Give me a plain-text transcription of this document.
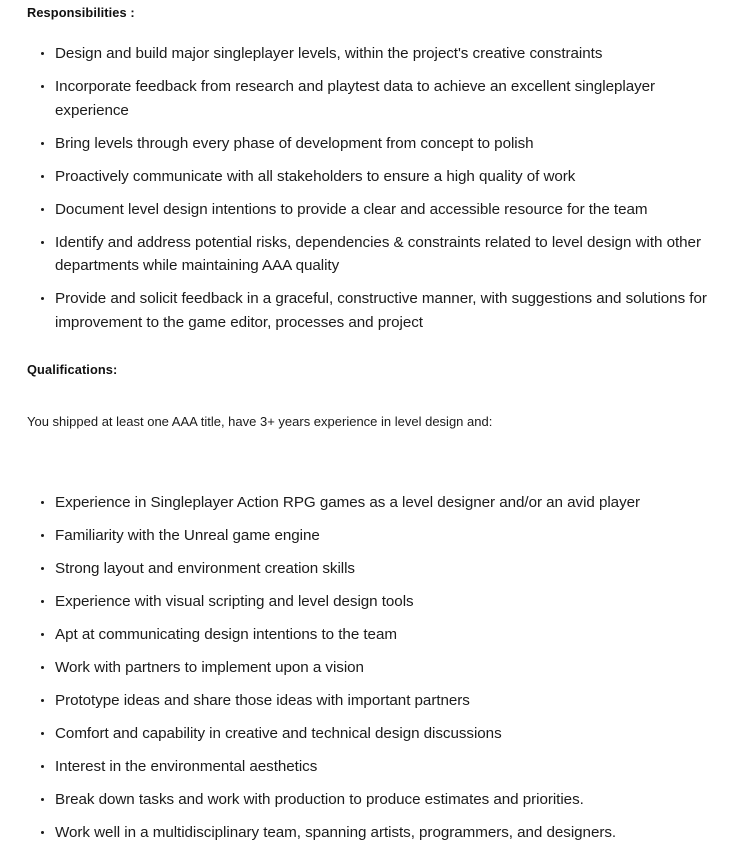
Responsibilities :
Design and build major singleplayer levels, within the project's creative constraints
Incorporate feedback from research and playtest data to achieve an excellent singleplayer experience
Bring levels through every phase of development from concept to polish
Proactively communicate with all stakeholders to ensure a high quality of work
Document level design intentions to provide a clear and accessible resource for the team
Identify and address potential risks, dependencies & constraints related to level design with other departments while maintaining AAA quality
Provide and solicit feedback in a graceful, constructive manner, with suggestions and solutions for improvement to the game editor, processes and project
Qualifications:

You shipped at least one AAA title, have 3+ years experience in level design and:

Experience in Singleplayer Action RPG games as a level designer and/or an avid player
Familiarity with the Unreal game engine
Strong layout and environment creation skills
Experience with visual scripting and level design tools
Apt at communicating design intentions to the team
Work with partners to implement upon a vision
Prototype ideas and share those ideas with important partners
Comfort and capability in creative and technical design discussions
Interest in the environmental aesthetics
Break down tasks and work with production to produce estimates and priorities.
Work well in a multidisciplinary team, spanning artists, programmers, and designers.
